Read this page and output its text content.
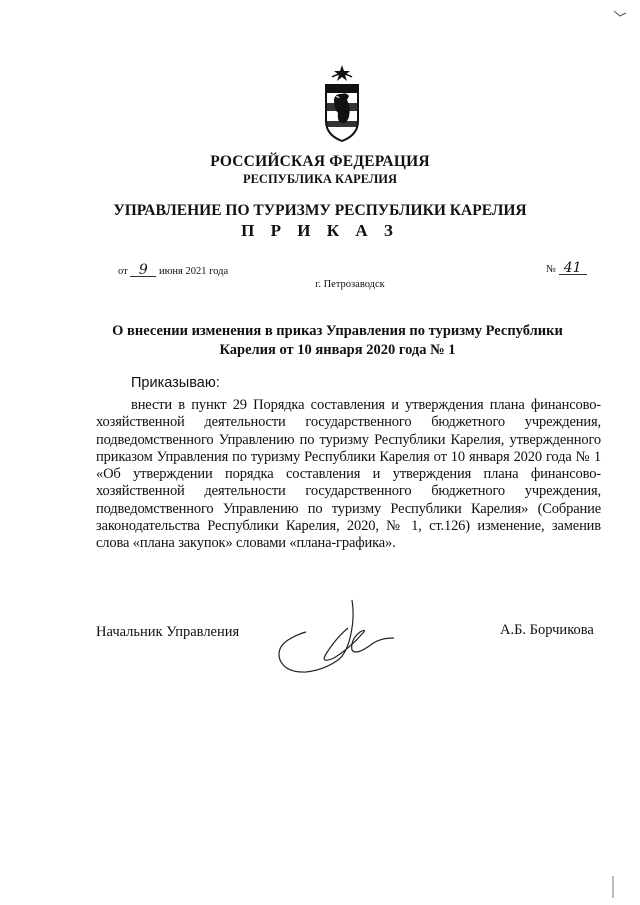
РОССИЙСКАЯ ФЕДЕРАЦИЯ
РЕСПУБЛИКА КАРЕЛИЯ
УПРАВЛЕНИЕ ПО ТУРИЗМУ РЕСПУБЛИКИ КАРЕЛИЯ
П Р И К А З
от 9 июня 2021 года	№ 41
г. Петрозаводск
О внесении изменения в приказ Управления по туризму Республики Карелия от 10 января 2020 года № 1
Приказываю:
внести в пункт 29 Порядка составления и утверждения плана финансово-хозяйственной деятельности государственного бюджетного учреждения, подведомственного Управлению по туризму Республики Карелия, утвержденного приказом Управления по туризму Республики Карелия от 10 января 2020 года № 1 «Об утверждении порядка составления и утверждения плана финансово-хозяйственной деятельности государственного бюджетного учреждения, подведомственного Управлению по туризму Республики Карелия» (Собрание законодательства Республики Карелия, 2020, № 1, ст.126) изменение, заменив слова «плана закупок» словами «плана-графика».
Начальник Управления	А.Б. Борчикова
